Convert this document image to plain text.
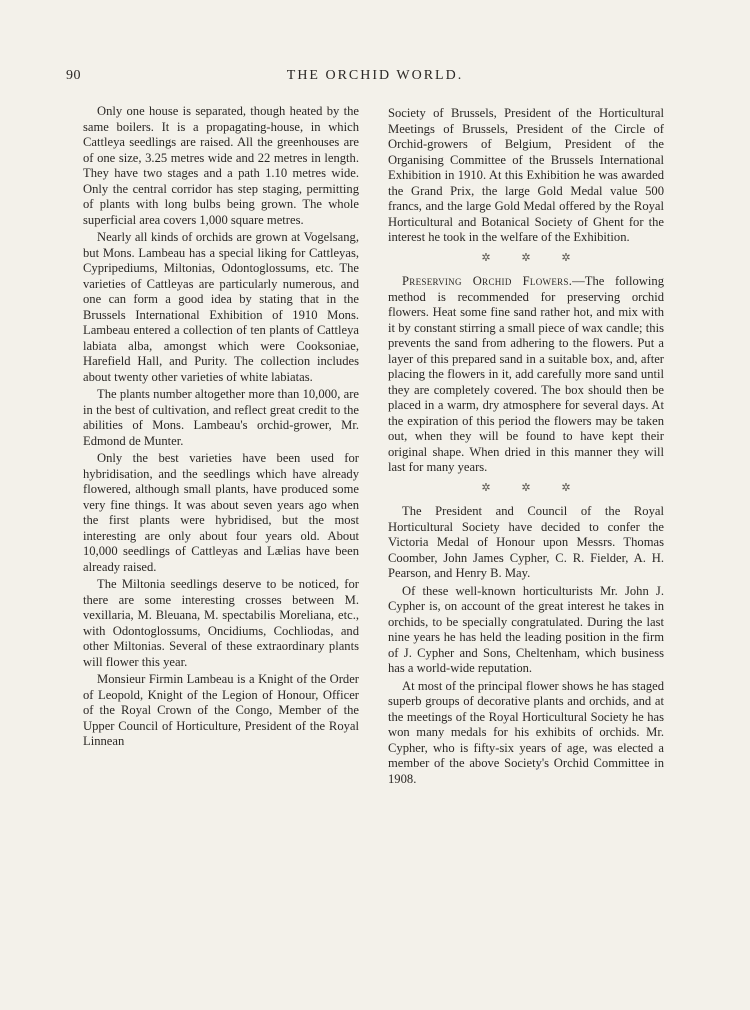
90	THE ORCHID WORLD.

Only one house is separated, though heated by the same boilers. It is a propagating-house, in which Cattleya seedlings are raised. All the greenhouses are of one size, 3.25 metres wide and 22 metres in length. They have two stages and a path 1.10 metres wide. Only the central corridor has step staging, permitting of plants with long bulbs being grown. The whole superficial area covers 1,000 square metres.

Nearly all kinds of orchids are grown at Vogelsang, but Mons. Lambeau has a special liking for Cattleyas, Cypripediums, Miltonias, Odontoglossums, etc. The varieties of Cattleyas are particularly numerous, and one can form a good idea by stating that in the Brussels International Exhibition of 1910 Mons. Lambeau entered a collection of ten plants of Cattleya labiata alba, amongst which were Cooksoniae, Harefield Hall, and Purity. The collection includes about twenty other varieties of white labiatas.

The plants number altogether more than 10,000, are in the best of cultivation, and reflect great credit to the abilities of Mons. Lambeau's orchid-grower, Mr. Edmond de Munter.

Only the best varieties have been used for hybridisation, and the seedlings which have already flowered, although small plants, have produced some very fine things. It was about seven years ago when the first plants were hybridised, but the most interesting are only about four years old. About 10,000 seedlings of Cattleyas and Lælias have been already raised.

The Miltonia seedlings deserve to be noticed, for there are some interesting crosses between M. vexillaria, M. Bleuana, M. spectabilis Moreliana, etc., with Odontoglossums, Oncidiums, Cochliodas, and other Miltonias. Several of these extraordinary plants will flower this year.

Monsieur Firmin Lambeau is a Knight of the Order of Leopold, Knight of the Legion of Honour, Officer of the Royal Crown of the Congo, Member of the Upper Council of Horticulture, President of the Royal Linnean

Society of Brussels, President of the Horticultural Meetings of Brussels, President of the Circle of Orchid-growers of Belgium, President of the Organising Committee of the Brussels International Exhibition in 1910. At this Exhibition he was awarded the Grand Prix, the large Gold Medal value 500 francs, and the large Gold Medal offered by the Royal Horticultural and Botanical Society of Ghent for the interest he took in the welfare of the Exhibition.

✲ ✲ ✲

Preserving Orchid Flowers.—The following method is recommended for preserving orchid flowers. Heat some fine sand rather hot, and mix with it by constant stirring a small piece of wax candle; this prevents the sand from adhering to the flowers. Put a layer of this prepared sand in a suitable box, and, after placing the flowers in it, add carefully more sand until they are completely covered. The box should then be placed in a warm, dry atmosphere for several days. At the expiration of this period the flowers may be taken out, when they will be found to have kept their original shape. When dried in this manner they will last for many years.

✲ ✲ ✲

The President and Council of the Royal Horticultural Society have decided to confer the Victoria Medal of Honour upon Messrs. Thomas Coomber, John James Cypher, C. R. Fielder, A. H. Pearson, and Henry B. May.

Of these well-known horticulturists Mr. John J. Cypher is, on account of the great interest he takes in orchids, to be specially congratulated. During the last nine years he has held the leading position in the firm of J. Cypher and Sons, Cheltenham, which business has a world-wide reputation.

At most of the principal flower shows he has staged superb groups of decorative plants and orchids, and at the meetings of the Royal Horticultural Society he has won many medals for his exhibits of orchids. Mr. Cypher, who is fifty-six years of age, was elected a member of the above Society's Orchid Committee in 1908.
